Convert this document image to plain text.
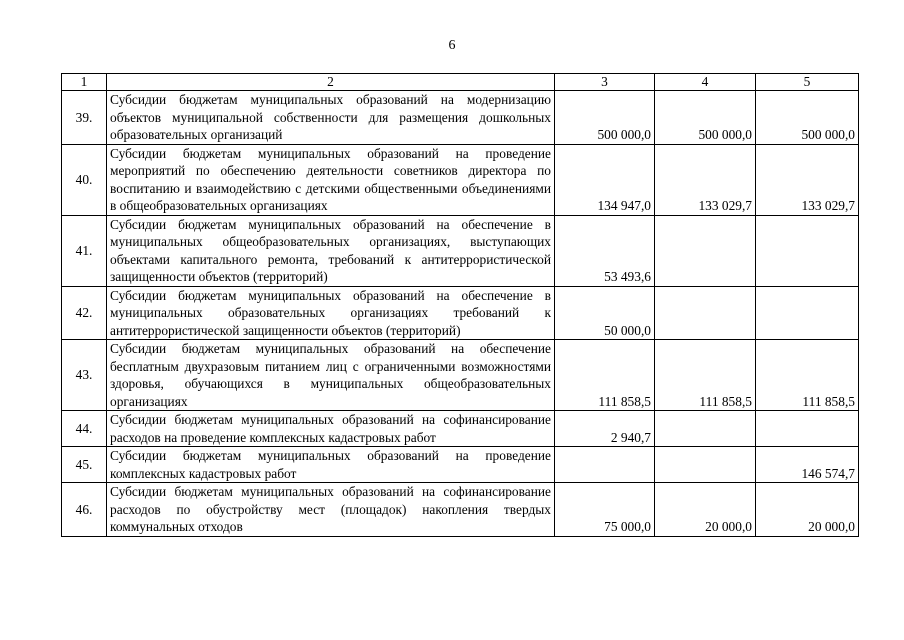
6
1	2	3	4	5
39.	Субсидии бюджетам муниципальных образований на модернизацию объектов муниципальной собственности для размещения дошкольных образовательных организаций	500 000,0	500 000,0	500 000,0
40.	Субсидии бюджетам муниципальных образований на проведение мероприятий по обеспечению деятельности советников директора по воспитанию и взаимодействию с детскими общественными объединениями в общеобразовательных организациях	134 947,0	133 029,7	133 029,7
41.	Субсидии бюджетам муниципальных образований на обеспечение в муниципальных общеобразовательных организациях, выступающих объектами капитального ремонта, требований к антитеррористической защищенности объектов (территорий)	53 493,6		
42.	Субсидии бюджетам муниципальных образований на обеспечение в муниципальных образовательных организациях требований к антитеррористической защищенности объектов (территорий)	50 000,0		
43.	Субсидии бюджетам муниципальных образований на обеспечение бесплатным двухразовым питанием лиц с ограниченными возможностями здоровья, обучающихся в муниципальных общеобразовательных организациях	111 858,5	111 858,5	111 858,5
44.	Субсидии бюджетам муниципальных образований на софинансирование расходов на проведение комплексных кадастровых работ	2 940,7		
45.	Субсидии бюджетам муниципальных образований на проведение комплексных кадастровых работ			146 574,7
46.	Субсидии бюджетам муниципальных образований на софинансирование расходов по обустройству мест (площадок) накопления твердых коммунальных отходов	75 000,0	20 000,0	20 000,0
